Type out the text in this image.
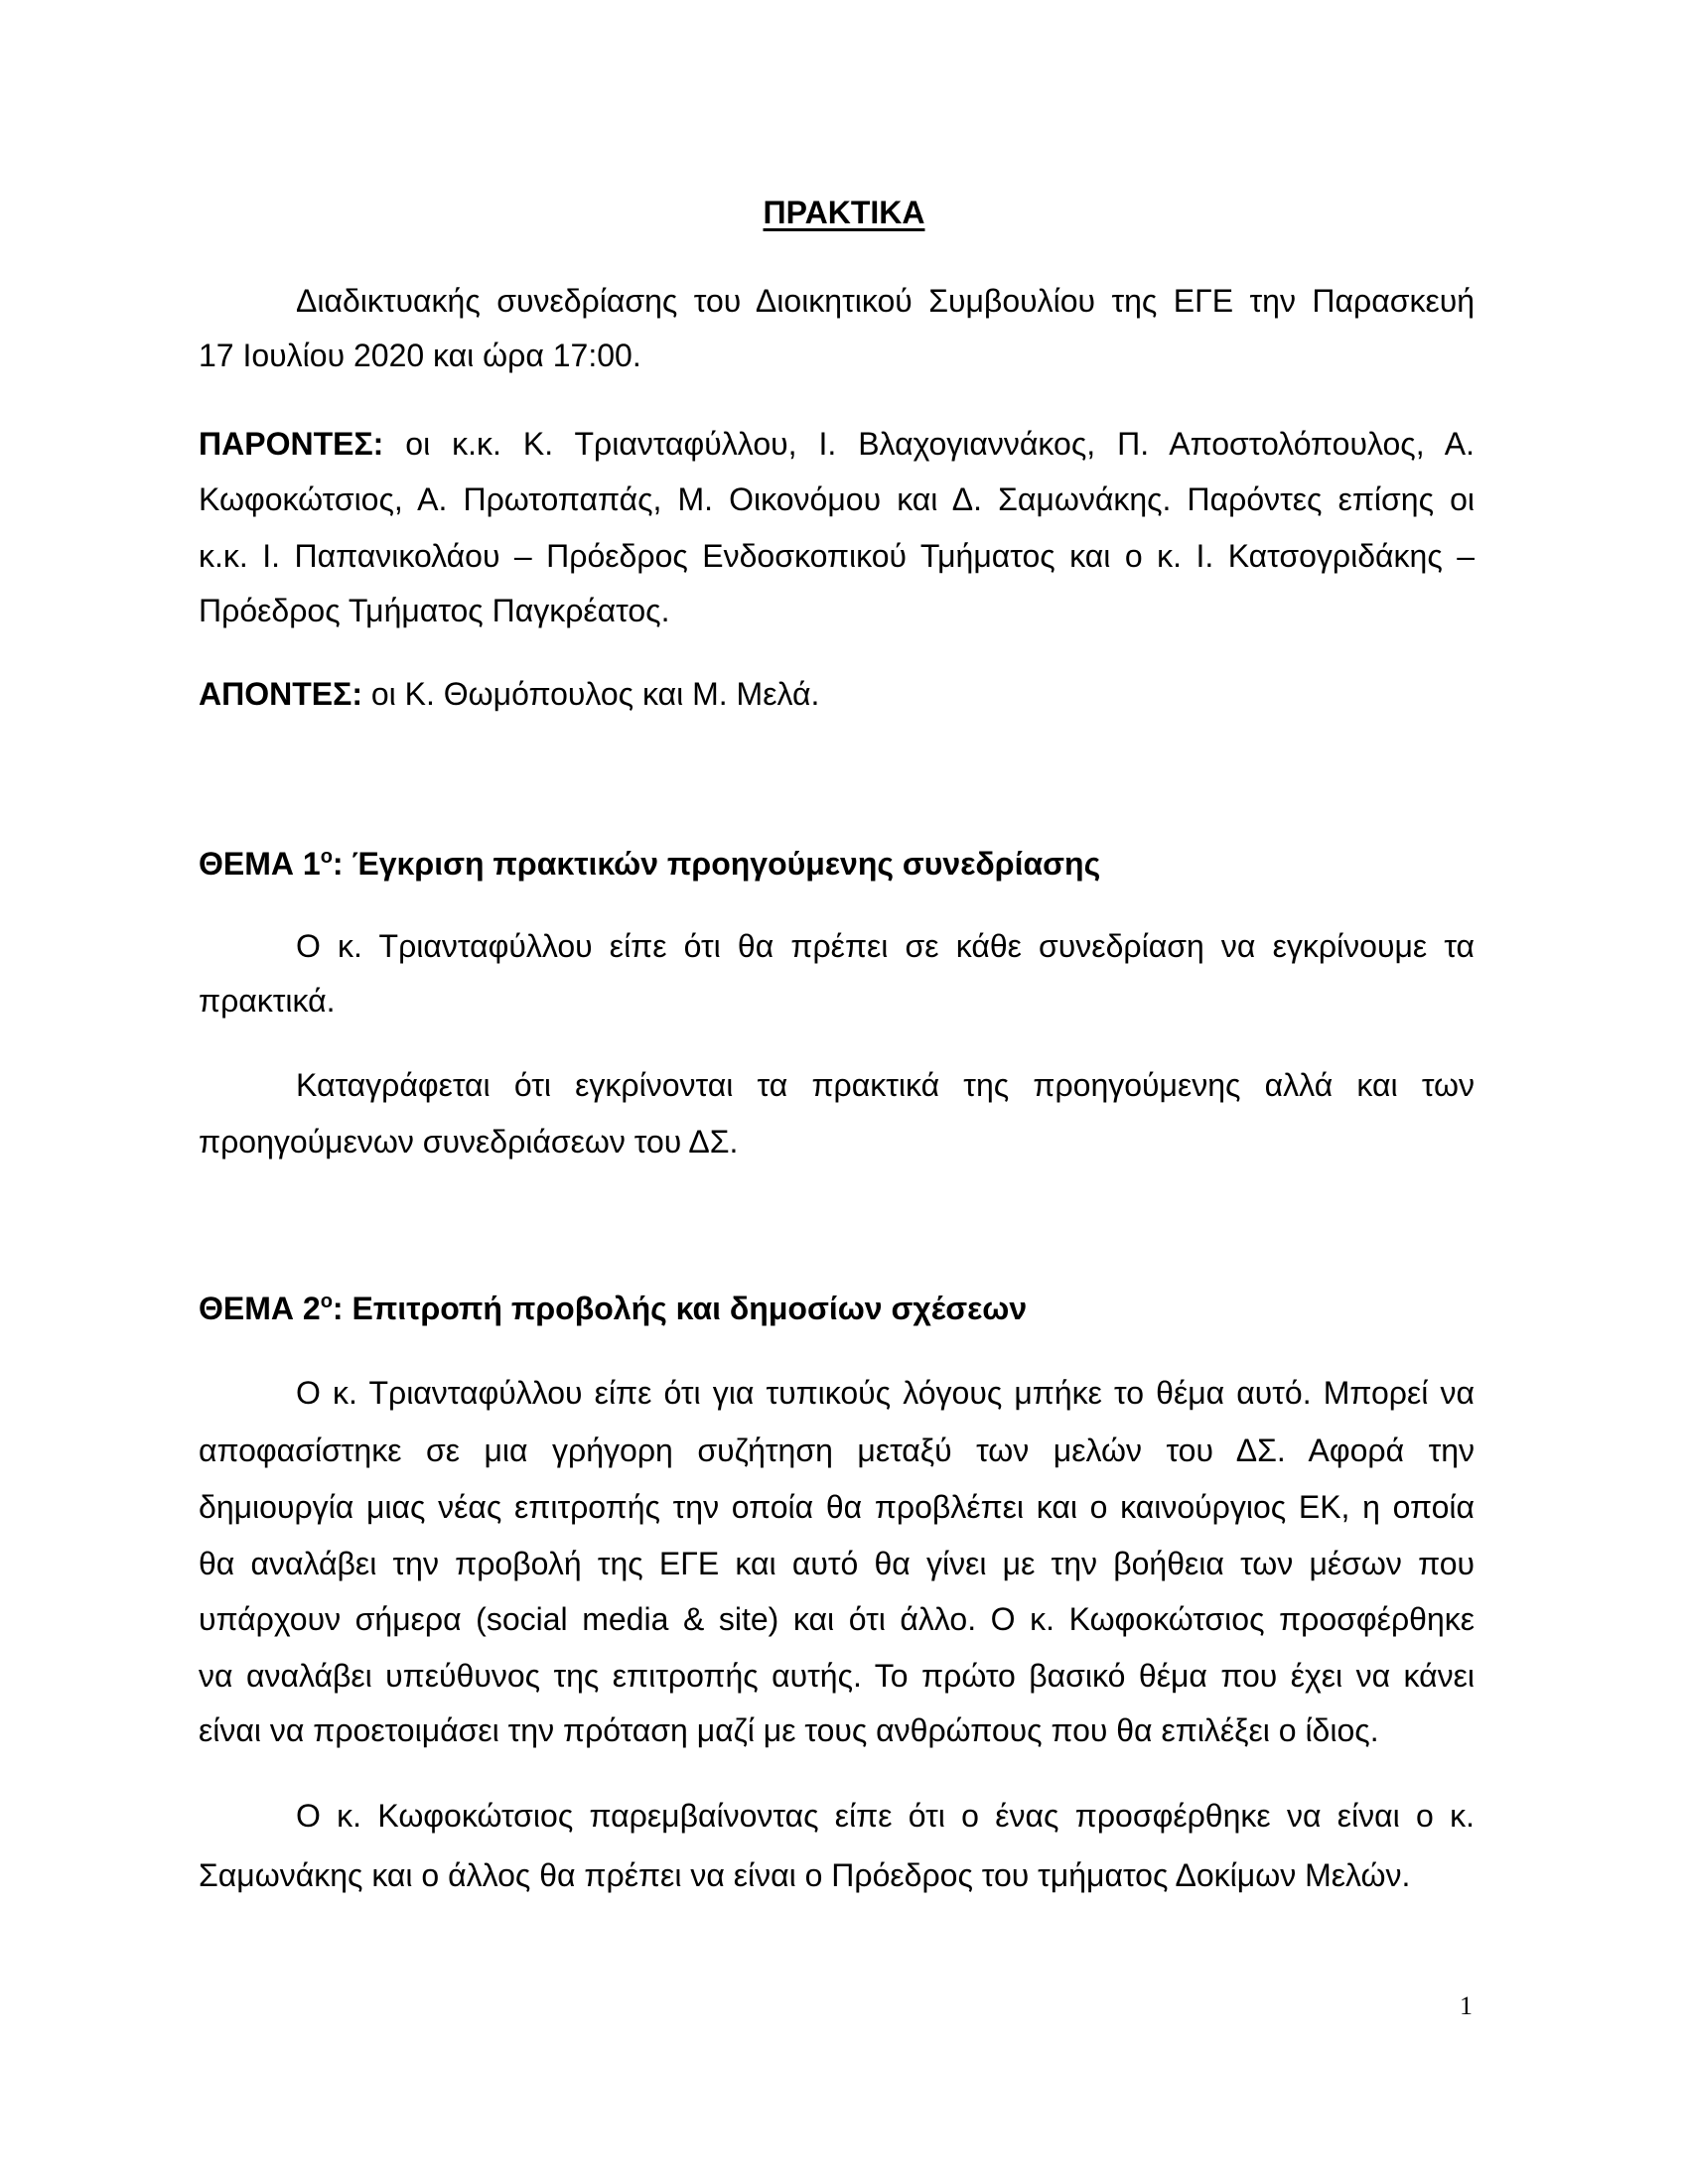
ΠΡΑΚΤΙΚΑ
Διαδικτυακής συνεδρίασης του Διοικητικού Συμβουλίου της ΕΓΕ την Παρασκευή
17 Ιουλίου 2020 και ώρα 17:00.
ΠΑΡΟΝΤΕΣ: οι κ.κ. Κ. Τριανταφύλλου, Ι. Βλαχογιαννάκος, Π. Αποστολόπουλος, Α.
Κωφοκώτσιος, Α. Πρωτοπαπάς, Μ. Οικονόμου και Δ. Σαμωνάκης. Παρόντες επίσης οι
κ.κ. Ι. Παπανικολάου – Πρόεδρος Ενδοσκοπικού Τμήματος και ο κ. Ι. Κατσογριδάκης –
Πρόεδρος Τμήματος Παγκρέατος.
ΑΠΟΝΤΕΣ: οι Κ. Θωμόπουλος και Μ. Μελά.
ΘΕΜΑ $1^o$: Έγκριση πρακτικών προηγούμενης συνεδρίασης
Ο κ. Τριανταφύλλου είπε ότι θα πρέπει σε κάθε συνεδρίαση να εγκρίνουμε τα
πρακτικά.
Καταγράφεται ότι εγκρίνονται τα πρακτικά της προηγούμενης αλλά και των
προηγούμενων συνεδριάσεων του ΔΣ.
ΘΕΜΑ $2^o$: Επιτροπή προβολής και δημοσίων σχέσεων
Ο κ. Τριανταφύλλου είπε ότι για τυπικούς λόγους μπήκε το θέμα αυτό. Μπορεί να
αποφασίστηκε σε μια γρήγορη συζήτηση μεταξύ των μελών του ΔΣ. Αφορά την
δημιουργία μιας νέας επιτροπής την οποία θα προβλέπει και ο καινούργιος ΕΚ, η οποία
θα αναλάβει την προβολή της ΕΓΕ και αυτό θα γίνει με την βοήθεια των μέσων που
υπάρχουν σήμερα (social media & site) και ότι άλλο. Ο κ. Κωφοκώτσιος προσφέρθηκε
να αναλάβει υπεύθυνος της επιτροπής αυτής. Το πρώτο βασικό θέμα που έχει να κάνει
είναι να προετοιμάσει την πρόταση μαζί με τους ανθρώπους που θα επιλέξει ο ίδιος.
Ο κ. Κωφοκώτσιος παρεμβαίνοντας είπε ότι ο ένας προσφέρθηκε να είναι ο κ.
Σαμωνάκης και ο άλλος θα πρέπει να είναι ο Πρόεδρος του τμήματος Δοκίμων Μελών.
1
